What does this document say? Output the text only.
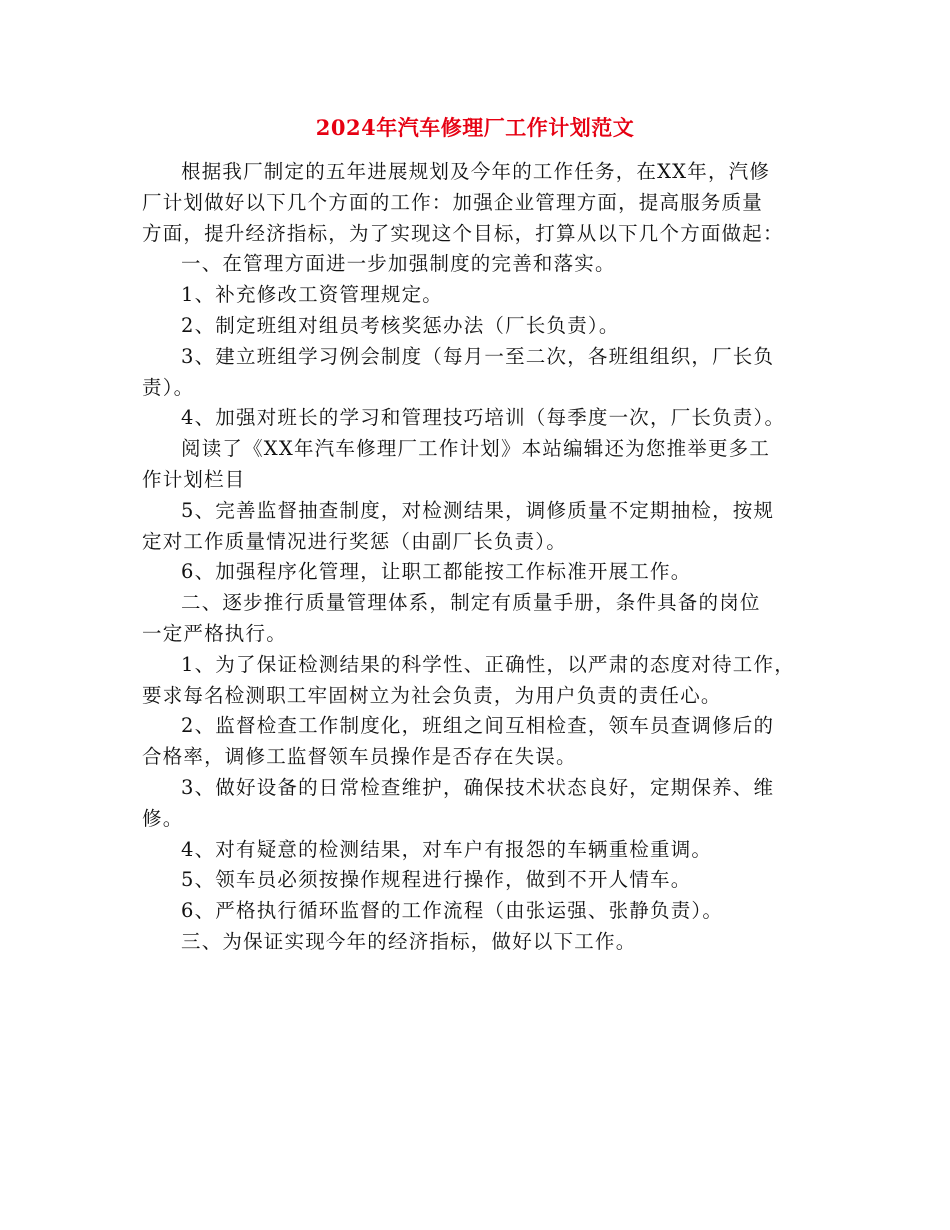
2024年汽车修理厂工作计划范文

根据我厂制定的五年进展规划及今年的工作任务，在XX年，汽修
厂计划做好以下几个方面的工作：加强企业管理方面，提高服务质量
方面，提升经济指标，为了实现这个目标，打算从以下几个方面做起：

一、在管理方面进一步加强制度的完善和落实。

1、补充修改工资管理规定。

2、制定班组对组员考核奖惩办法（厂长负责）。

3、建立班组学习例会制度（每月一至二次，各班组组织，厂长负
责）。

4、加强对班长的学习和管理技巧培训（每季度一次，厂长负责）。

阅读了《XX年汽车修理厂工作计划》本站编辑还为您推举更多工
作计划栏目

5、完善监督抽查制度，对检测结果，调修质量不定期抽检，按规
定对工作质量情况进行奖惩（由副厂长负责）。

6、加强程序化管理，让职工都能按工作标准开展工作。

二、逐步推行质量管理体系，制定有质量手册，条件具备的岗位
一定严格执行。

1、为了保证检测结果的科学性、正确性，以严肃的态度对待工作，
要求每名检测职工牢固树立为社会负责，为用户负责的责任心。

2、监督检查工作制度化，班组之间互相检查，领车员查调修后的
合格率，调修工监督领车员操作是否存在失误。

3、做好设备的日常检查维护，确保技术状态良好，定期保养、维
修。

4、对有疑意的检测结果，对车户有报怨的车辆重检重调。

5、领车员必须按操作规程进行操作，做到不开人情车。

6、严格执行循环监督的工作流程（由张运强、张静负责）。

三、为保证实现今年的经济指标，做好以下工作。
